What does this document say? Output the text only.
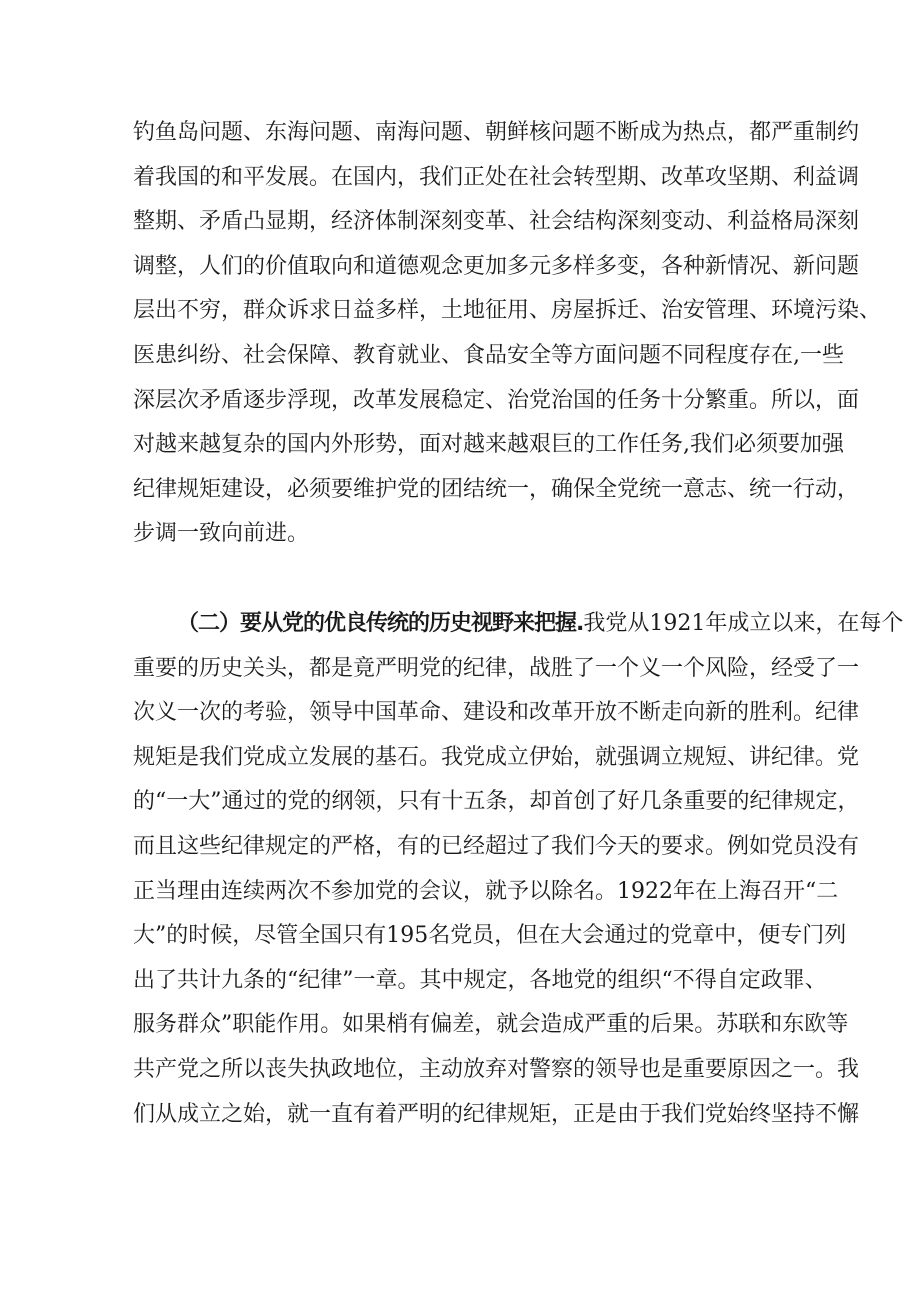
钓鱼岛问题、东海问题、南海问题、朝鲜核问题不断成为热点，都严重制约
着我国的和平发展。在国内，我们正处在社会转型期、改革攻坚期、利益调
整期、矛盾凸显期，经济体制深刻变革、社会结构深刻变动、利益格局深刻
调整，人们的价值取向和道德观念更加多元多样多变，各种新情况、新问题
层出不穷，群众诉求日益多样，土地征用、房屋拆迁、治安管理、环境污染、
医患纠纷、社会保障、教育就业、食品安全等方面问题不同程度存在,一些
深层次矛盾逐步浮现，改革发展稳定、治党治国的任务十分繁重。所以，面
对越来越复杂的国内外形势，面对越来越艰巨的工作任务,我们必须要加强
纪律规矩建设，必须要维护党的团结统一，确保全党统一意志、统一行动，
步调一致向前进。
（二）要从党的优良传统的历史视野来把握.我党从1921年成立以来，在每个
重要的历史关头，都是竟严明党的纪律，战胜了一个义一个风险，经受了一
次义一次的考验，领导中国革命、建设和改革开放不断走向新的胜利。纪律
规矩是我们党成立发展的基石。我党成立伊始，就强调立规短、讲纪律。党
的“一大”通过的党的纲领，只有十五条，却首创了好几条重要的纪律规定，
而且这些纪律规定的严格，有的已经超过了我们今天的要求。例如党员没有
正当理由连续两次不参加党的会议，就予以除名。1922年在上海召开“二
大”的时候，尽管全国只有195名党员，但在大会通过的党章中，便专门列
出了共计九条的“纪律”一章。其中规定，各地党的组织“不得自定政罪、
服务群众”职能作用。如果梢有偏差，就会造成严重的后果。苏联和东欧等
共产党之所以丧失执政地位，主动放弃对警察的领导也是重要原因之一。我
们从成立之始，就一直有着严明的纪律规矩，正是由于我们党始终坚持不懈
